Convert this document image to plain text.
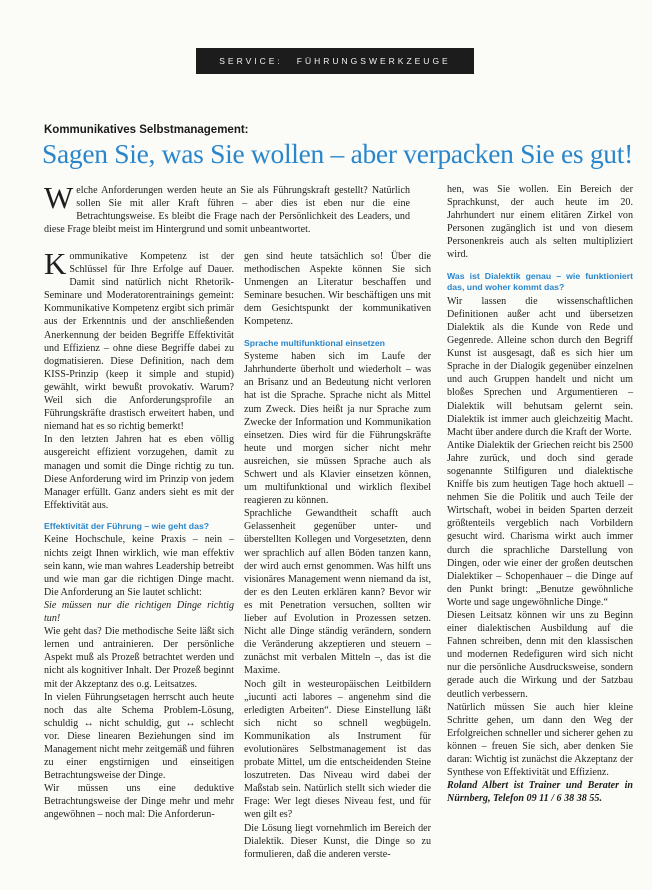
SERVICE: FÜHRUNGSWERKZEUGE
Kommunikatives Selbstmanagement:
Sagen Sie, was Sie wollen – aber verpacken Sie es gut!
Welche Anforderungen werden heute an Sie als Führungskraft gestellt? Natürlich sollen Sie mit aller Kraft führen – aber dies ist eben nur die eine Betrachtungsweise. Es bleibt die Frage nach der Persönlichkeit des Leaders, und diese Frage bleibt meist im Hintergrund und somit unbeantwortet.

Kommunikative Kompetenz ist der Schlüssel für Ihre Erfolge auf Dauer. Damit sind natürlich nicht Rhetorik-Seminare und Moderatorentrainings gemeint: Kommunikative Kompetenz ergibt sich primär aus der Erkenntnis und der anschließenden Anerkennung der beiden Begriffe Effektivität und Effizienz – ohne diese Begriffe dabei zu dogmatisieren. Diese Definition, nach dem KISS-Prinzip (keep it simple and stupid) gewählt, wirkt bewußt provokativ. Warum? Weil sich die Anforderungsprofile an Führungskräfte drastisch erweitert haben, und niemand hat es so richtig bemerkt!

In den letzten Jahren hat es eben völlig ausgereicht effizient vorzugehen, damit zu managen und somit die Dinge richtig zu tun. Diese Anforderung wird im Prinzip von jedem Manager erfüllt. Ganz anders sieht es mit der Effektivität aus.

Effektivität der Führung – wie geht das?

Keine Hochschule, keine Praxis – nein – nichts zeigt Ihnen wirklich, wie man effektiv sein kann, wie man wahres Leadership betreibt und wie man gar die richtigen Dinge macht. Die Anforderung an Sie lautet schlicht:

Sie müssen nur die richtigen Dinge richtig tun!

Wie geht das? Die methodische Seite läßt sich lernen und antrainieren. Der persönliche Aspekt muß als Prozeß betrachtet werden und nicht als kognitiver Inhalt. Der Prozeß beginnt mit der Akzeptanz des o.g. Leitsatzes.

In vielen Führungsetagen herrscht auch heute noch das alte Schema Problem-Lösung, schuldig ↔ nicht schuldig, gut ↔ schlecht vor. Diese linearen Beziehungen sind im Management nicht mehr zeitgemäß und führen zu einer engstirnigen und einseitigen Betrachtungsweise der Dinge.

Wir müssen uns eine deduktive Betrachtungsweise der Dinge mehr und mehr angewöhnen – noch mal: Die Anforderun-

gen sind heute tatsächlich so! Über die methodischen Aspekte können Sie sich Unmengen an Literatur beschaffen und Seminare besuchen. Wir beschäftigen uns mit dem Gesichtspunkt der kommunikativen Kompetenz.

Sprache multifunktional einsetzen

Systeme haben sich im Laufe der Jahrhunderte überholt und wiederholt – was an Brisanz und an Bedeutung nicht verloren hat ist die Sprache. Sprache nicht als Mittel zum Zweck. Dies heißt ja nur Sprache zum Zwecke der Information und Kommunikation einsetzen. Dies wird für die Führungskräfte heute und morgen sicher nicht mehr ausreichen, sie müssen Sprache auch als Schwert und als Klavier einsetzen können, um multifunktional und wirklich flexibel reagieren zu können.

Sprachliche Gewandtheit schafft auch Gelassenheit gegenüber unter- und überstellten Kollegen und Vorgesetzten, denn wer sprachlich auf allen Böden tanzen kann, der wird auch ernst genommen. Was hilft uns visionäres Management wenn niemand da ist, der es den Leuten erklären kann? Bevor wir es mit Penetration versuchen, sollten wir lieber auf Evolution in Prozessen setzen. Nicht alle Dinge ständig verändern, sondern die Veränderung akzeptieren und steuern – zunächst mit verbalen Mitteln –, das ist die Maxime.

Noch gilt in westeuropäischen Leitbildern „iucunti acti labores – angenehm sind die erledigten Arbeiten“. Diese Einstellung läßt sich nicht so schnell wegbügeln. Kommunikation als Instrument für evolutionäres Selbstmanagement ist das probate Mittel, um die entscheidenden Steine loszutreten. Das Niveau wird dabei der Maßstab sein. Natürlich stellt sich wieder die Frage: Wer legt dieses Niveau fest, und für wen gilt es?

Die Lösung liegt vornehmlich im Bereich der Dialektik. Dieser Kunst, die Dinge so zu formulieren, daß die anderen verste-

hen, was Sie wollen. Ein Bereich der Sprachkunst, der auch heute im 20. Jahrhundert nur einem elitären Zirkel von Personen zugänglich ist und von diesem Personenkreis auch als selten multipliziert wird.

Was ist Dialektik genau – wie funktioniert das, und woher kommt das?

Wir lassen die wissenschaftlichen Definitionen außer acht und übersetzen Dialektik als die Kunde von Rede und Gegenrede. Alleine schon durch den Begriff Kunst ist ausgesagt, daß es sich hier um Sprache in der Dialogik gegenüber einzelnen und auch Gruppen handelt und nicht um bloßes Sprechen und Argumentieren – Dialektik will behutsam gelernt sein. Dialektik ist immer auch gleichzeitig Macht. Macht über andere durch die Kraft der Worte.

Antike Dialektik der Griechen reicht bis 2500 Jahre zurück, und doch sind gerade sogenannte Stilfiguren und dialektische Kniffe bis zum heutigen Tage hoch aktuell – nehmen Sie die Politik und auch Teile der Wirtschaft, wobei in beiden Sparten derzeit größtenteils vergeblich nach Vorbildern gesucht wird. Charisma wirkt auch immer durch die sprachliche Darstellung von Dingen, oder wie einer der großen deutschen Dialektiker – Schopenhauer – die Dinge auf den Punkt bringt: „Benutze gewöhnliche Worte und sage ungewöhnliche Dinge.“

Diesen Leitsatz können wir uns zu Beginn einer dialektischen Ausbildung auf die Fahnen schreiben, denn mit den klassischen und modernen Redefiguren wird sich nicht nur die persönliche Ausdrucksweise, sondern gerade auch die Wirkung und der Satzbau deutlich verbessern.

Natürlich müssen Sie auch hier kleine Schritte gehen, um dann den Weg der Erfolgreichen schneller und sicherer gehen zu können – freuen Sie sich, aber denken Sie daran: Wichtig ist zunächst die Akzeptanz der Synthese von Effektivität und Effizienz.

Roland Albert ist Trainer und Berater in Nürnberg, Telefon 09 11 / 6 38 38 55.
